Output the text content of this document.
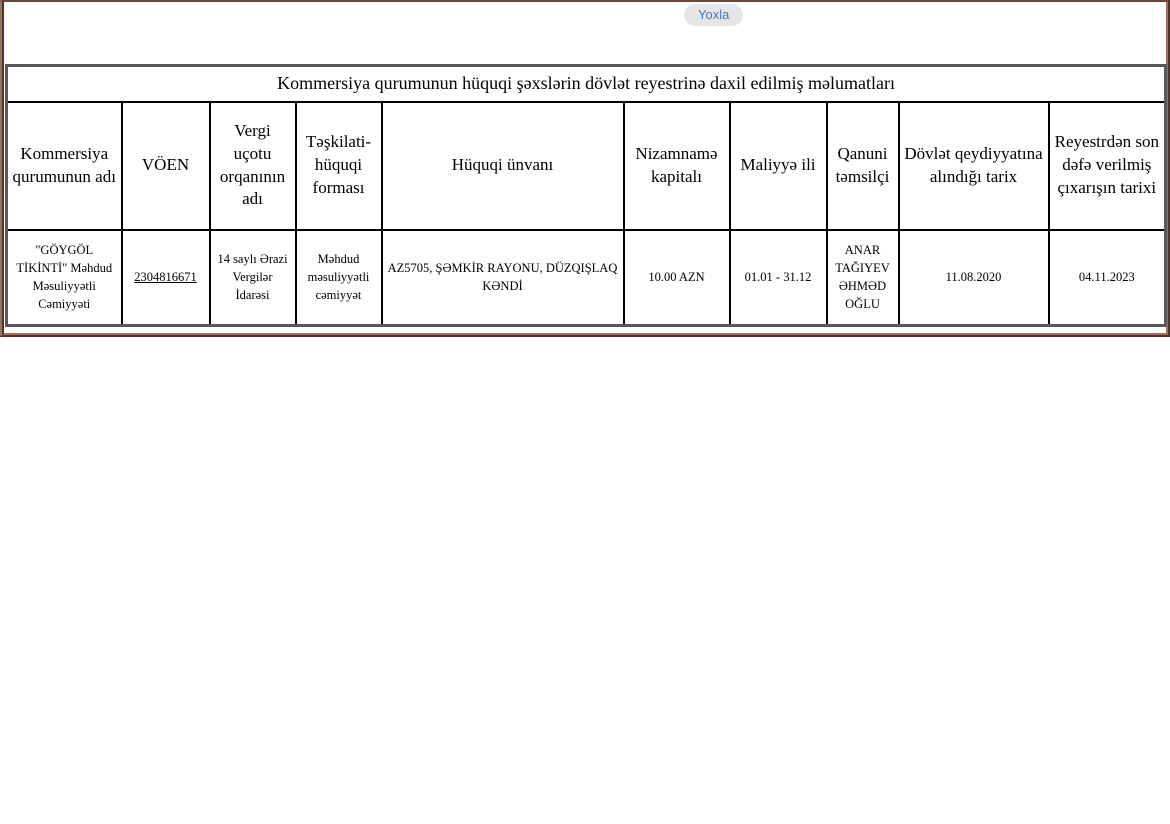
Yoxla
Kommersiya qurumunun hüquqi şəxslərin dövlət reyestrinə daxil edilmiş məlumatları									
Kommersiya qurumunun adı	VÖEN	Vergi uçotu orqanının adı	Təşkilati-hüquqi forması	Hüquqi ünvanı	Nizamnamə kapitalı	Maliyyə ili	Qanuni təmsilçi	Dövlət qeydiyyatına alındığı tarix	Reyestrdən son dəfə verilmiş çıxarışın tarixi
"GÖYGÖL TİKİNTİ" Məhdud Məsuliyyətli Cəmiyyəti	2304816671	14 saylı Ərazi Vergilər İdarəsi	Məhdud məsuliyyətli cəmiyyət	AZ5705, ŞƏMKİR RAYONU, DÜZQIŞLAQ KƏNDİ	10.00 AZN	01.01 - 31.12	ANAR TAĞIYEV ƏHMƏD OĞLU	11.08.2020	04.11.2023
